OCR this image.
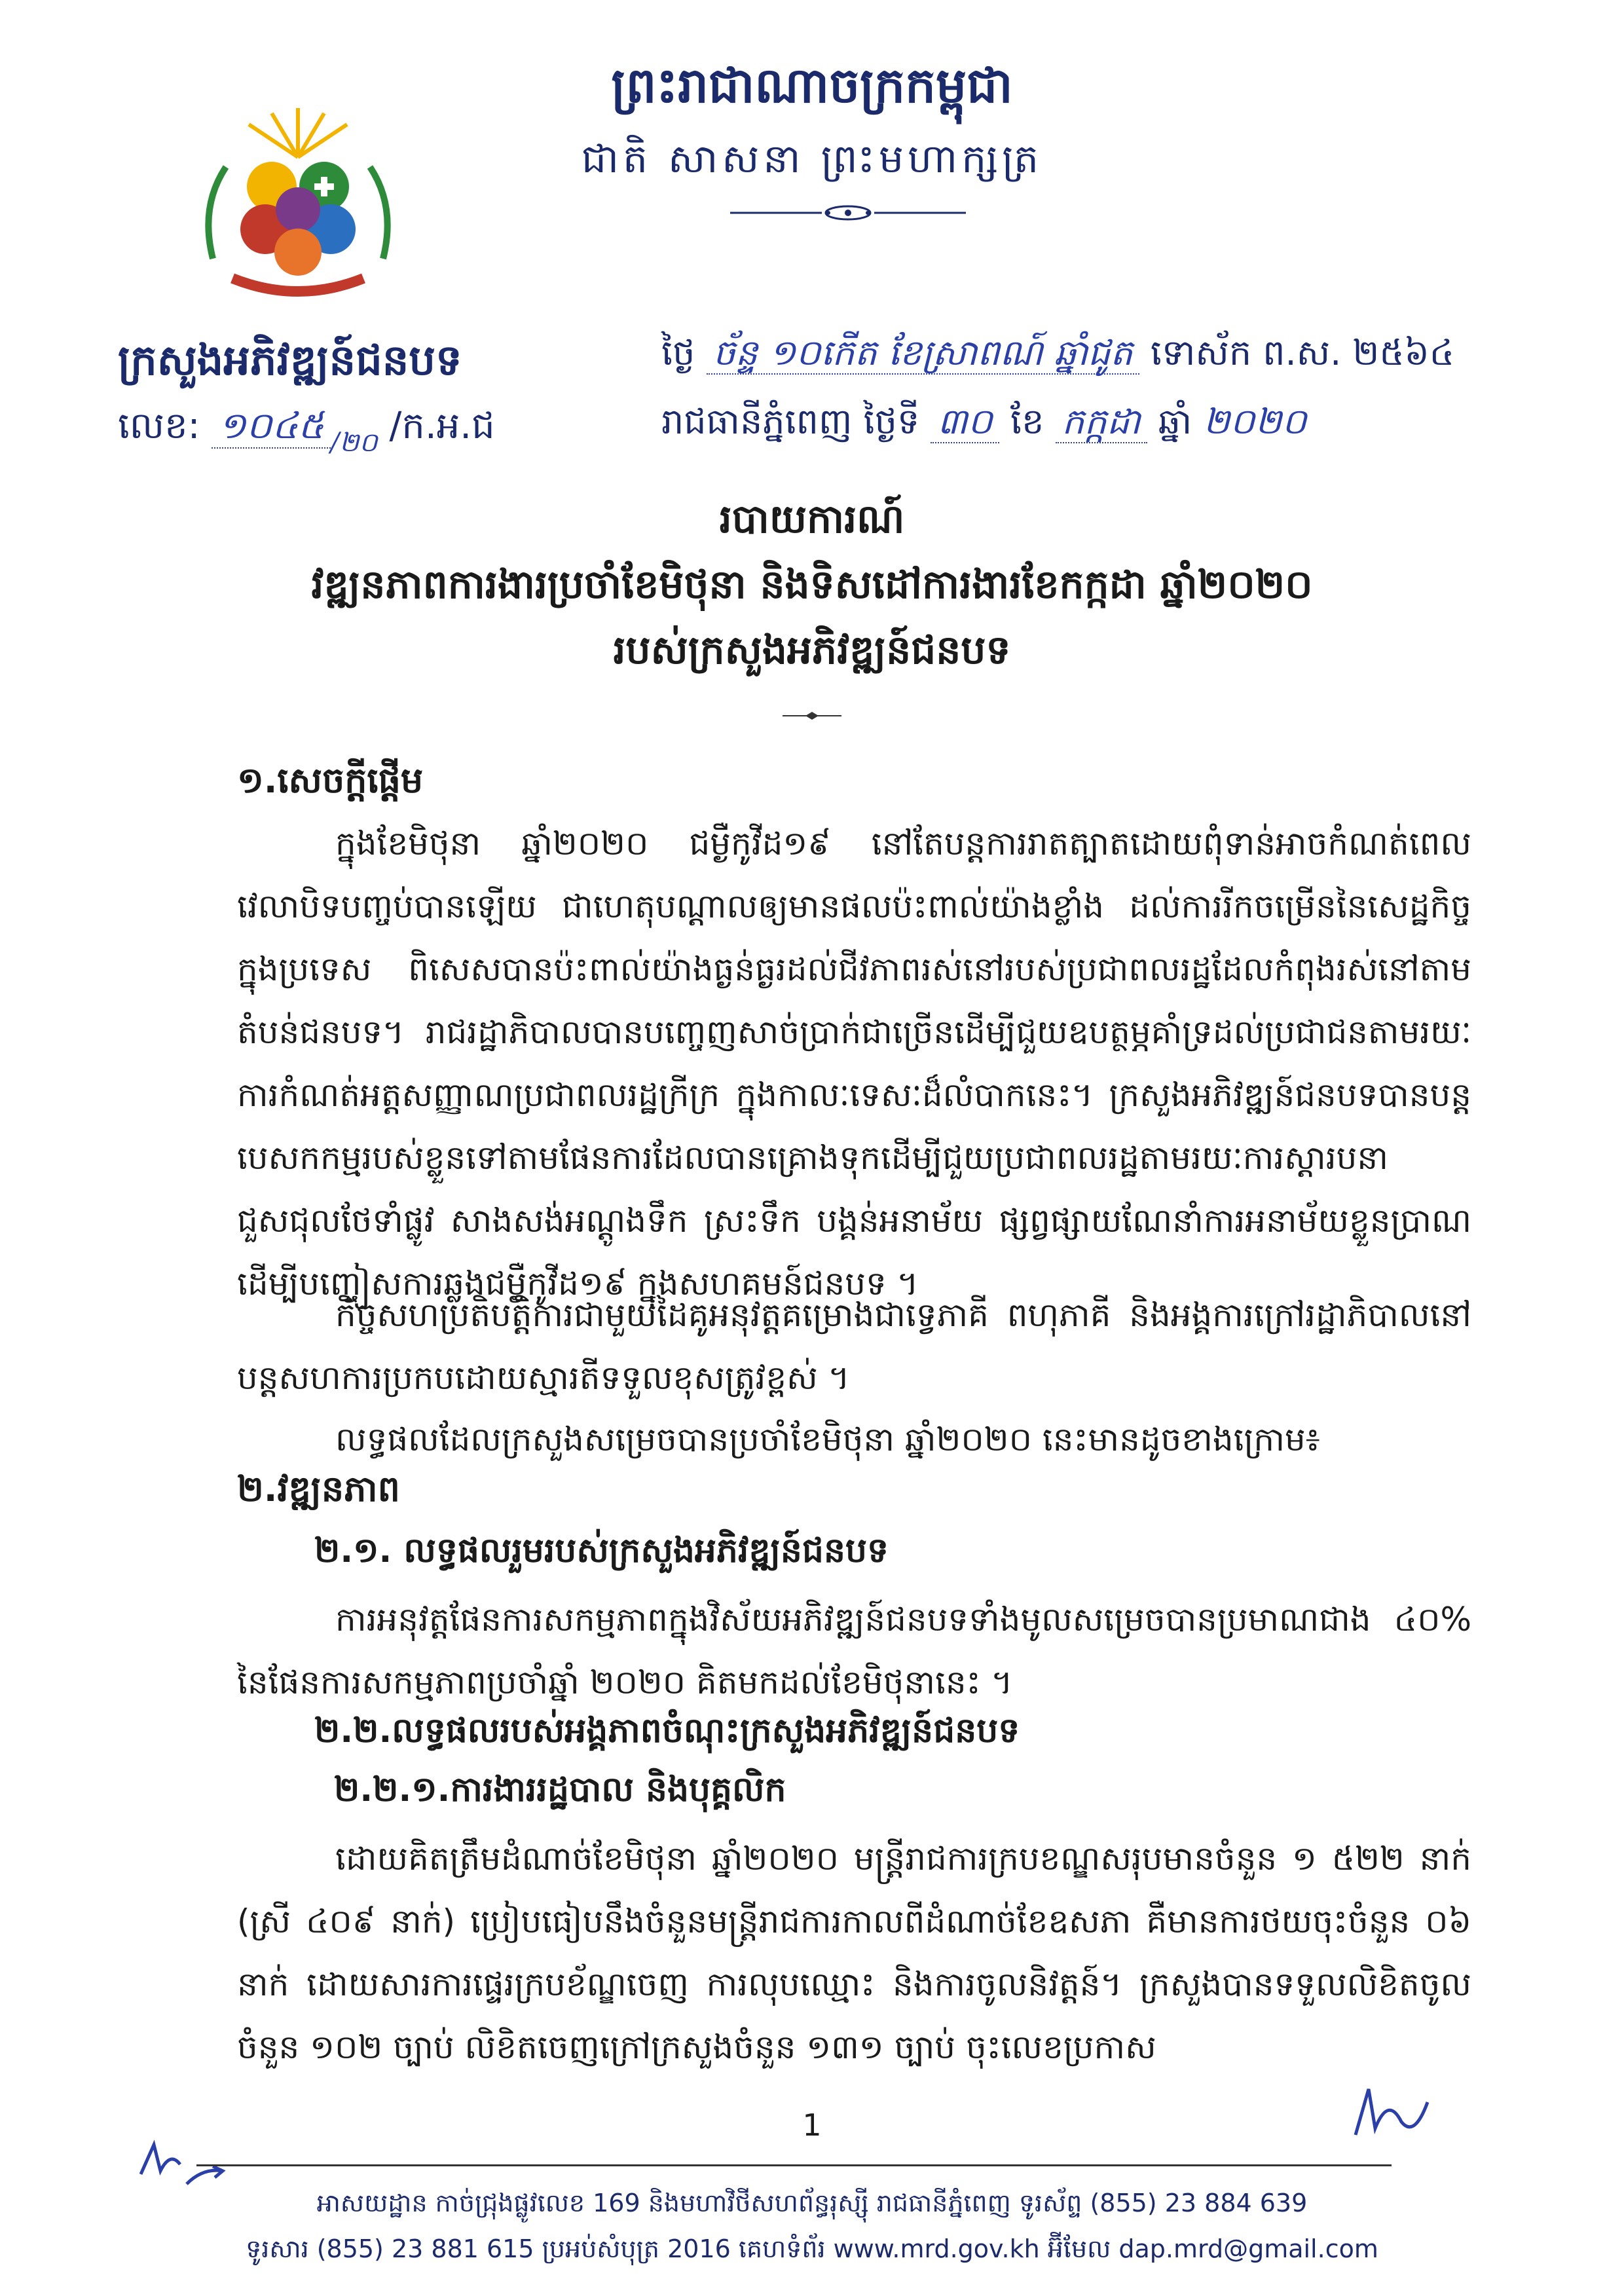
ព្រះរាជាណាចក្រកម្ពុជា
ជាតិ សាសនា ព្រះមហាក្សត្រ
ក្រសួងអភិវឌ្ឍន៍ជនបទ
លេខ: ១០៤៥ $_{/២០}$ /ក.អ.ជ
ថ្ងៃ ច័ន្ទ ១០កើត ខែស្រាពណ៍ ឆ្នាំជូត ទោស័ក ព.ស. ២៥៦៤
រាជធានីភ្នំពេញ ថ្ងៃទី ៣០ ខែ កក្កដា ឆ្នាំ ២០២០
របាយការណ៍
វឌ្ឍនភាពការងារប្រចាំខែមិថុនា និងទិសដៅការងារខែកក្កដា ឆ្នាំ២០២០
របស់ក្រសួងអភិវឌ្ឍន៍ជនបទ
១.សេចក្តីផ្តើម
ក្នុងខែមិថុនា ឆ្នាំ២០២០ ជម្ងឺកូវីដ១៩ នៅតែបន្តការរាតត្បាតដោយពុំទាន់អាចកំណត់ពេលវេលាបិទបញ្ចប់បានឡើយ ជាហេតុបណ្តាលឲ្យមានផលប៉ះពាល់យ៉ាងខ្លាំង ដល់ការរីកចម្រើននៃសេដ្ឋកិច្ចក្នុងប្រទេស ពិសេសបានប៉ះពាល់យ៉ាងធ្ងន់ធ្ងរដល់ជីវភាពរស់នៅរបស់ប្រជាពលរដ្ឋដែលកំពុងរស់នៅតាមតំបន់ជនបទ។ រាជរដ្ឋាភិបាលបានបញ្ចេញសាច់ប្រាក់ជាច្រើនដើម្បីជួយឧបត្ថម្ភគាំទ្រដល់ប្រជាជនតាមរយៈការកំណត់អត្តសញ្ញាណប្រជាពលរដ្ឋក្រីក្រ ក្នុងកាលៈទេសៈដ៏លំបាកនេះ។ ក្រសួងអភិវឌ្ឍន៍ជនបទបានបន្តបេសកកម្មរបស់ខ្លួនទៅតាមផែនការដែលបានគ្រោងទុកដើម្បីជួយប្រជាពលរដ្ឋតាមរយៈការស្តារបនា ជួសជុលថែទាំផ្លូវ សាងសង់អណ្តូងទឹក ស្រះទឹក បង្គន់អនាម័យ ផ្សព្វផ្សាយណែនាំការអនាម័យខ្លួនប្រាណដើម្បីបញ្ចៀសការឆ្លងជម្ងឺកូវីដ១៩ ក្នុងសហគមន៍ជនបទ ។
កិច្ចសហប្រតិបត្តិការជាមួយដៃគូអនុវត្តគម្រោងជាទ្វេភាគី ពហុភាគី និងអង្គការក្រៅរដ្ឋាភិបាលនៅបន្តសហការប្រកបដោយស្មារតីទទួលខុសត្រូវខ្ពស់ ។
លទ្ធផលដែលក្រសួងសម្រេចបានប្រចាំខែមិថុនា ឆ្នាំ២០២០ នេះមានដូចខាងក្រោម៖
២.វឌ្ឍនភាព
២.១. លទ្ធផលរួមរបស់ក្រសួងអភិវឌ្ឍន៍ជនបទ
ការអនុវត្តផែនការសកម្មភាពក្នុងវិស័យអភិវឌ្ឍន៍ជនបទទាំងមូលសម្រេចបានប្រមាណជាង ៤០% នៃផែនការសកម្មភាពប្រចាំឆ្នាំ ២០២០ គិតមកដល់ខែមិថុនានេះ ។
២.២.លទ្ធផលរបស់អង្គភាពចំណុះក្រសួងអភិវឌ្ឍន៍ជនបទ
២.២.១.ការងាររដ្ឋបាល និងបុគ្គលិក
ដោយគិតត្រឹមដំណាច់ខែមិថុនា ឆ្នាំ២០២០ មន្ត្រីរាជការក្របខណ្ឌសរុបមានចំនួន ១ ៥២២ នាក់ (ស្រី ៤០៩ នាក់) ប្រៀបធៀបនឹងចំនួនមន្ត្រីរាជការកាលពីដំណាច់ខែឧសភា គឺមានការថយចុះចំនួន ០៦ នាក់ ដោយសារការផ្ទេរក្របខ័ណ្ឌចេញ ការលុបឈ្មោះ និងការចូលនិវត្តន៍។ ក្រសួងបានទទួលលិខិតចូលចំនួន ១០២ ច្បាប់ លិខិតចេញក្រៅក្រសួងចំនួន ១៣១ ច្បាប់ ចុះលេខប្រកាស
1
អាសយដ្ឋាន កាច់ជ្រុងផ្លូវលេខ 169 និងមហាវិថីសហព័ន្ធរុស្ស៊ី រាជធានីភ្នំពេញ ទូរស័ព្ទ (855) 23 884 639
ទូរសារ (855) 23 881 615 ប្រអប់សំបុត្រ 2016 គេហទំព័រ www.mrd.gov.kh អ៊ីមែល dap.mrd@gmail.com
